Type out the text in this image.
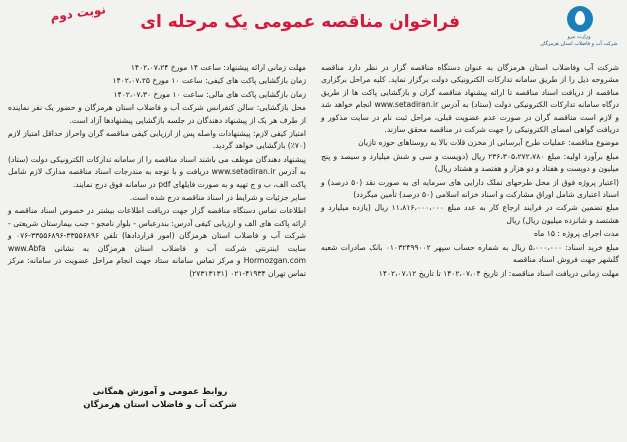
وزارت نیرو
شرکت آب و فاضلاب استان هرمزگان
فراخوان مناقصه عمومی یک مرحله ای
نوبت دوم

شرکت آب وفاضلاب استان هرمزگان به عنوان دستگاه مناقصه گزار در نظر دارد مناقصه مشروحه ذیل را از طریق سامانه تدارکات الکترونیکی دولت برگزار نماید. کلیه مراحل برگزاری مناقصه از دریافت اسناد مناقصه تا ارائه پیشنهاد مناقصه گران و بازگشایی پاکت ها از طریق درگاه سامانه تدارکات الکترونیکی دولت (ستاد) به آدرس www.setadiran.ir انجام خواهد شد و لازم است مناقصه گران در صورت عدم عضویت قبلی، مراحل ثبت نام در سایت مذکور و دریافت گواهی امضای الکترونیکی را جهت شرکت در مناقصه محقق سازند.

موضوع مناقصه: عملیات طرح آبرسانی از مخزن قلات بالا به روستاهای حوزه تازیان

مبلغ برآورد اولیه: مبلغ ۲۳۶،۳۰۵،۲۷۲،۷۸۰ ریال (دویست و سی و شش میلیارد و سیصد و پنج میلیون و دویست و هفتاد و دو هزار و هفتصد و هشتاد ریال)

(اعتبار پروژه فوق از محل طرحهای تملک دارایی های سرمایه ای به صورت نقد (۵۰ درصد) و اسناد اعتباری شامل اوراق مشارکت و اسناد خزانه اسلامی (۵۰ درصد) تأمین میگردد)

مبلغ تضمین شرکت در فرایند ارجاع کار به عدد مبلغ ۱۱،۸۱۶،۰۰۰،۰۰۰ ریال (یازده میلیارد و هشتصد و شانزده میلیون ریال) ریال

مدت اجرای پروژه : ۱۵ ماه

مبلغ خرید اسناد: ۵،۰۰۰،۰۰۰ ریال به شماره حساب سپهر ۰۱۰۳۲۴۹۹۰۰۲ بانک صادرات شعبه گلشهر جهت فروش اسناد مناقصه

مهلت زمانی دریافت اسناد مناقصه: از تاریخ ۱۴۰۲،۰۷،۰۴ تا تاریخ ۱۴۰۲،۰۷،۱۲

مهلت زمانی ارائه پیشنهاد: ساعت ۱۴ مورخ ۱۴۰۲،۰۷،۲۴

زمان بازگشایی پاکت های کیفی: ساعت ۱۰ مورخ ۱۴۰۲،۰۷،۲۵

زمان بازگشایی پاکت های مالی: ساعت ۱۰ مورخ ۱۴۰۲،۰۷،۳۰

محل بازگشایی: سالن کنفرانس شرکت آب و فاضلاب استان هرمزگان و حضور یک نفر نماینده از طرف هر یک از پیشنهاد دهندگان در جلسه بازگشایی پیشنهادها آزاد است.

امتیاز کیفی لازم: پیشنهادات واصله پس از ارزیابی کیفی مناقصه گران واحراز حداقل امتیاز لازم (۷۰٪) بازگشایی خواهد گردید.

پیشنهاد دهندگان موظف می باشند اسناد مناقصه را از سامانه تدارکات الکترونیکی دولت (ستاد) به آدرس www.setadiran.ir دریافت و با توجه به مندرجات اسناد مناقصه مدارک لازم شامل پاکت الف، ب و ج تهیه و به صورت فایلهای pdf در سامانه فوق درج نمایند.

سایر جزئیات و شرایط در اسناد مناقصه درج شده است.

اطلاعات تماس دستگاه مناقصه گزار جهت دریافت اطلاعات بیشتر در خصوص اسناد مناقصه و ارائه پاکت های الف و ارزیابی کیفی آدرس: بندرعباس - بلوار نامجو - جنب بیمارستان شریعتی - شرکت آب و فاضلاب استان هرمزگان (امور قراردادها) تلفن ۳۳۵۵۶۸۹۶-۳۳۵۵۶۸۹۶-۰۷۶ و سایت اینترنتی شرکت آب و فاضلاب استان هرمزگان به نشانی www.Abfa Hormozgan.com و مرکز تماس سامانه ستاد جهت انجام مراحل عضویت در سامانه: مرکز تماس تهران ۴۱۹۳۴-۰۲۱ (۲۷۳۱۳۱۳۱)

روابط عمومی و آموزش همگانی
شرکت آب و فاضلاب استان هرمزگان
